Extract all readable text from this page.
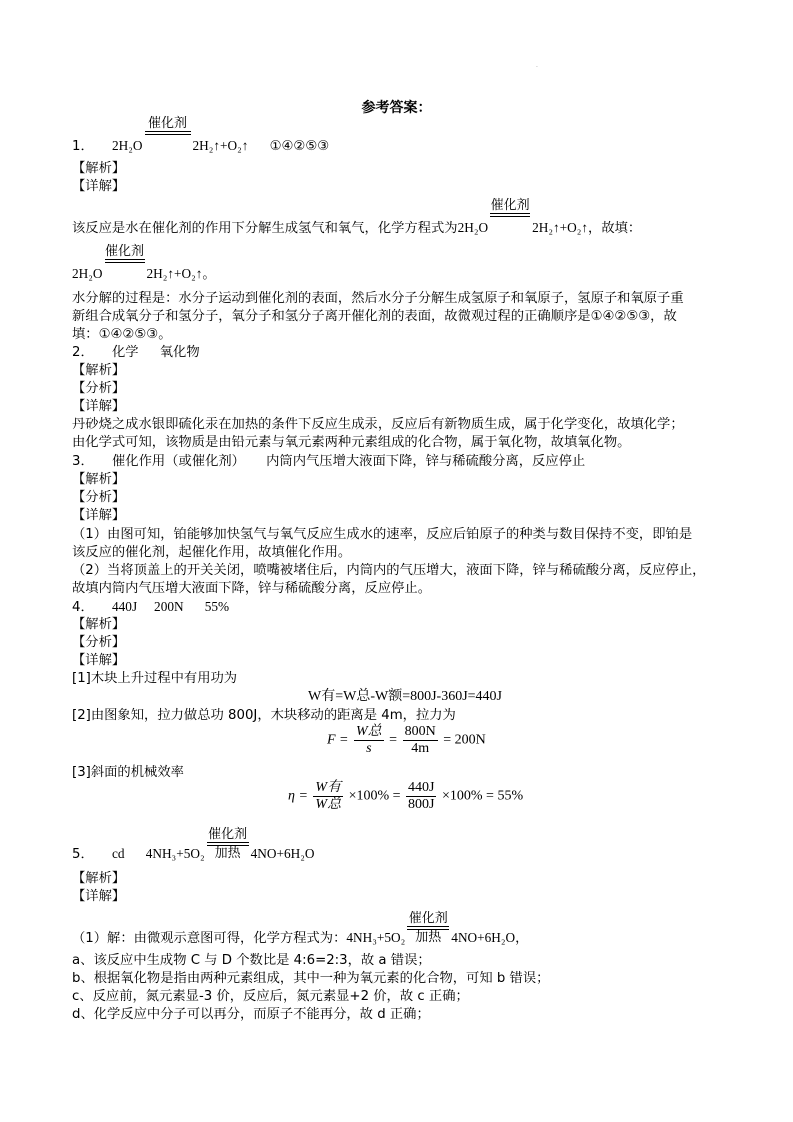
.
参考答案：
1． 2H₂O
催化剂

2H₂↑+O₂↑ ①④②⑤③
【解析】
【详解】
该反应是水在催化剂的作用下分解生成氢气和氧气，化学方程式为2H₂O
催化剂

2H₂↑+O₂↑，故填：
2H₂O
催化剂

2H₂↑+O₂↑。
水分解的过程是：水分子运动到催化剂的表面，然后水分子分解生成氢原子和氧原子，氢原子和氧原子重
新组合成氧分子和氢分子，氧分子和氢分子离开催化剂的表面，故微观过程的正确顺序是①④②⑤③，故
填：①④②⑤③。
2． 化学 氧化物
【解析】
【分析】
【详解】
丹砂烧之成水银即硫化汞在加热的条件下反应生成汞，反应后有新物质生成，属于化学变化，故填化学；
由化学式可知，该物质是由铅元素与氧元素两种元素组成的化合物，属于氧化物，故填氧化物。
3． 催化作用（或催化剂） 内筒内气压增大液面下降，锌与稀硫酸分离，反应停止
【解析】
【分析】
【详解】
（1）由图可知，铂能够加快氢气与氧气反应生成水的速率，反应后铂原子的种类与数目保持不变，即铂是
该反应的催化剂，起催化作用，故填催化作用。
（2）当将顶盖上的开关关闭，喷嘴被堵住后，内筒内的气压增大，液面下降，锌与稀硫酸分离，反应停止，
故填内筒内气压增大液面下降，锌与稀硫酸分离，反应停止。
4． 440J 200N 55%
【解析】
【分析】
【详解】
[1]木块上升过程中有用功为
W有=W总-W额=800J-360J=440J
[2]由图象知，拉力做总功 800J，木块移动的距离是 4m，拉力为
$F = \frac{\text{W总}}{s} = \frac{800N}{4m} = 200N$
[3]斜面的机械效率
$\eta = \frac{\text{W有}}{\text{W总}} \times 100\% = \frac{440J}{800J} \times 100\% = 55\%$
5． cd 4NH₃+5O₂
催化剂
加热 4NO+6H₂O
【解析】
【详解】
（1）解：由微观示意图可得，化学方程式为：4NH₃+5O₂
催化剂
加热 4NO+6H₂O，
a、该反应中生成物 C 与 D 个数比是 4:6=2:3，故 a 错误；
b、根据氧化物是指由两种元素组成，其中一种为氧元素的化合物，可知 b 错误；
c、反应前，氮元素显-3 价，反应后，氮元素显+2 价，故 c 正确；
d、化学反应中分子可以再分，而原子不能再分，故 d 正确；
